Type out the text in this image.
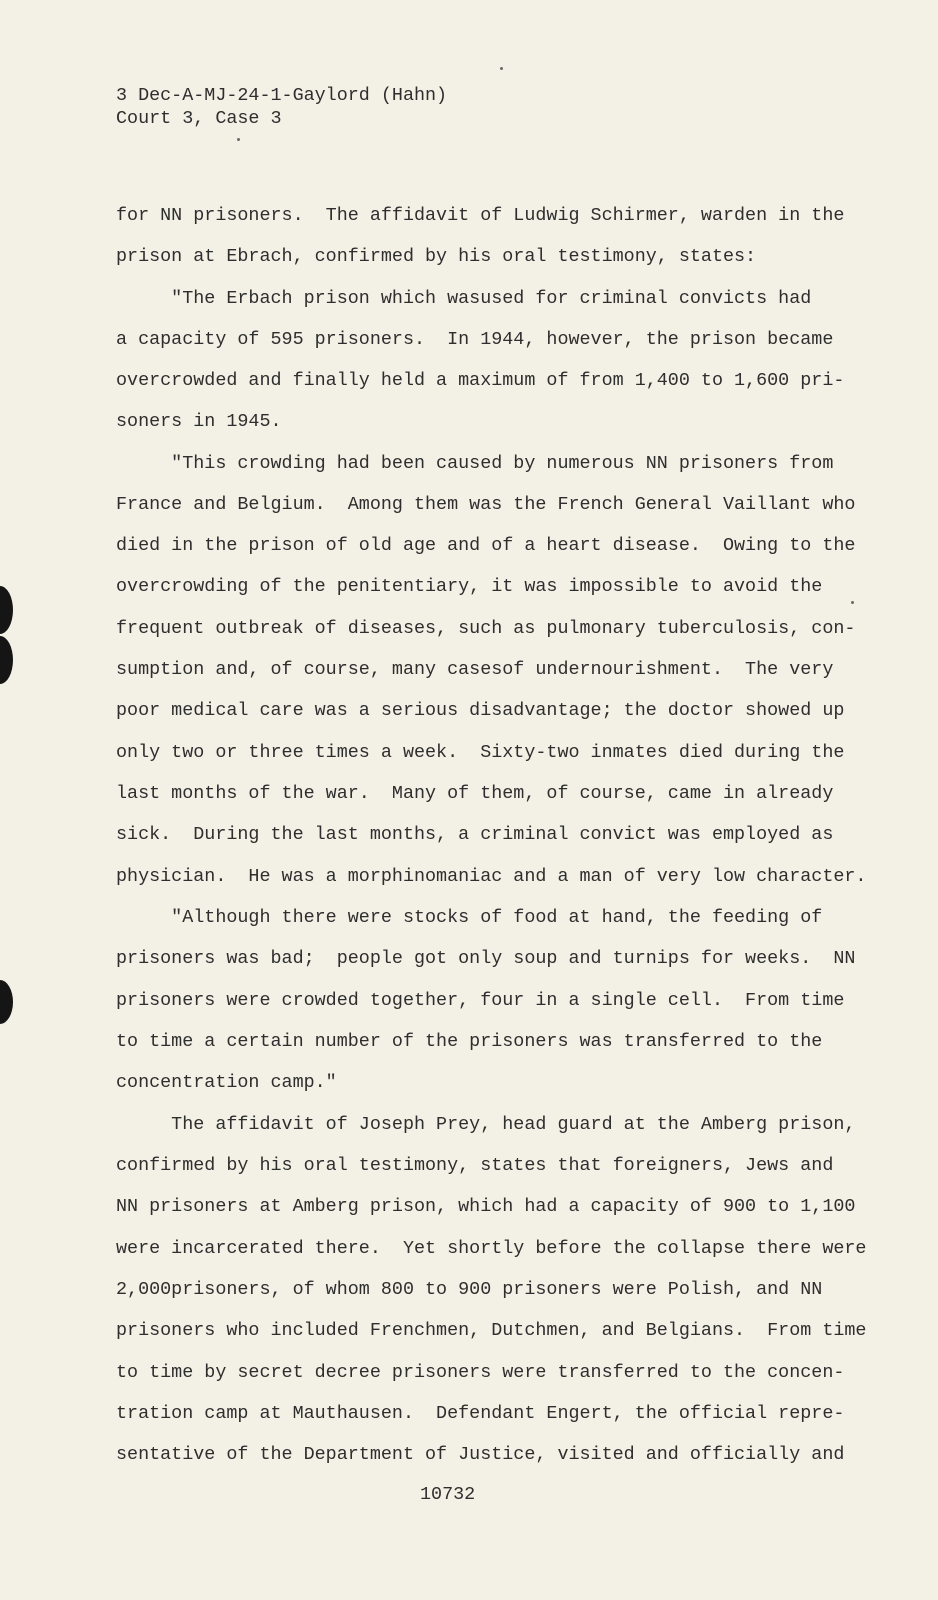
3 Dec-A-MJ-24-1-Gaylord (Hahn)
Court 3, Case 3
for NN prisoners.  The affidavit of Ludwig Schirmer, warden in the
prison at Ebrach, confirmed by his oral testimony, states:
"The Erbach prison which wasused for criminal convicts had
a capacity of 595 prisoners.  In 1944, however, the prison became
overcrowded and finally held a maximum of from 1,400 to 1,600 pri-
soners in 1945.
"This crowding had been caused by numerous NN prisoners from
France and Belgium.  Among them was the French General Vaillant who
died in the prison of old age and of a heart disease.  Owing to the
overcrowding of the penitentiary, it was impossible to avoid the
frequent outbreak of diseases, such as pulmonary tuberculosis, con-
sumption and, of course, many casesof undernourishment.  The very
poor medical care was a serious disadvantage; the doctor showed up
only two or three times a week.  Sixty-two inmates died during the
last months of the war.  Many of them, of course, came in already
sick.  During the last months, a criminal convict was employed as
physician.  He was a morphinomaniac and a man of very low character.
"Although there were stocks of food at hand, the feeding of
prisoners was bad;  people got only soup and turnips for weeks.  NN
prisoners were crowded together, four in a single cell.  From time
to time a certain number of the prisoners was transferred to the
concentration camp."
The affidavit of Joseph Prey, head guard at the Amberg prison,
confirmed by his oral testimony, states that foreigners, Jews and
NN prisoners at Amberg prison, which had a capacity of 900 to 1,100
were incarcerated there.  Yet shortly before the collapse there were
2,000prisoners, of whom 800 to 900 prisoners were Polish, and NN
prisoners who included Frenchmen, Dutchmen, and Belgians.  From time
to time by secret decree prisoners were transferred to the concen-
tration camp at Mauthausen.  Defendant Engert, the official repre-
sentative of the Department of Justice, visited and officially and
10732
